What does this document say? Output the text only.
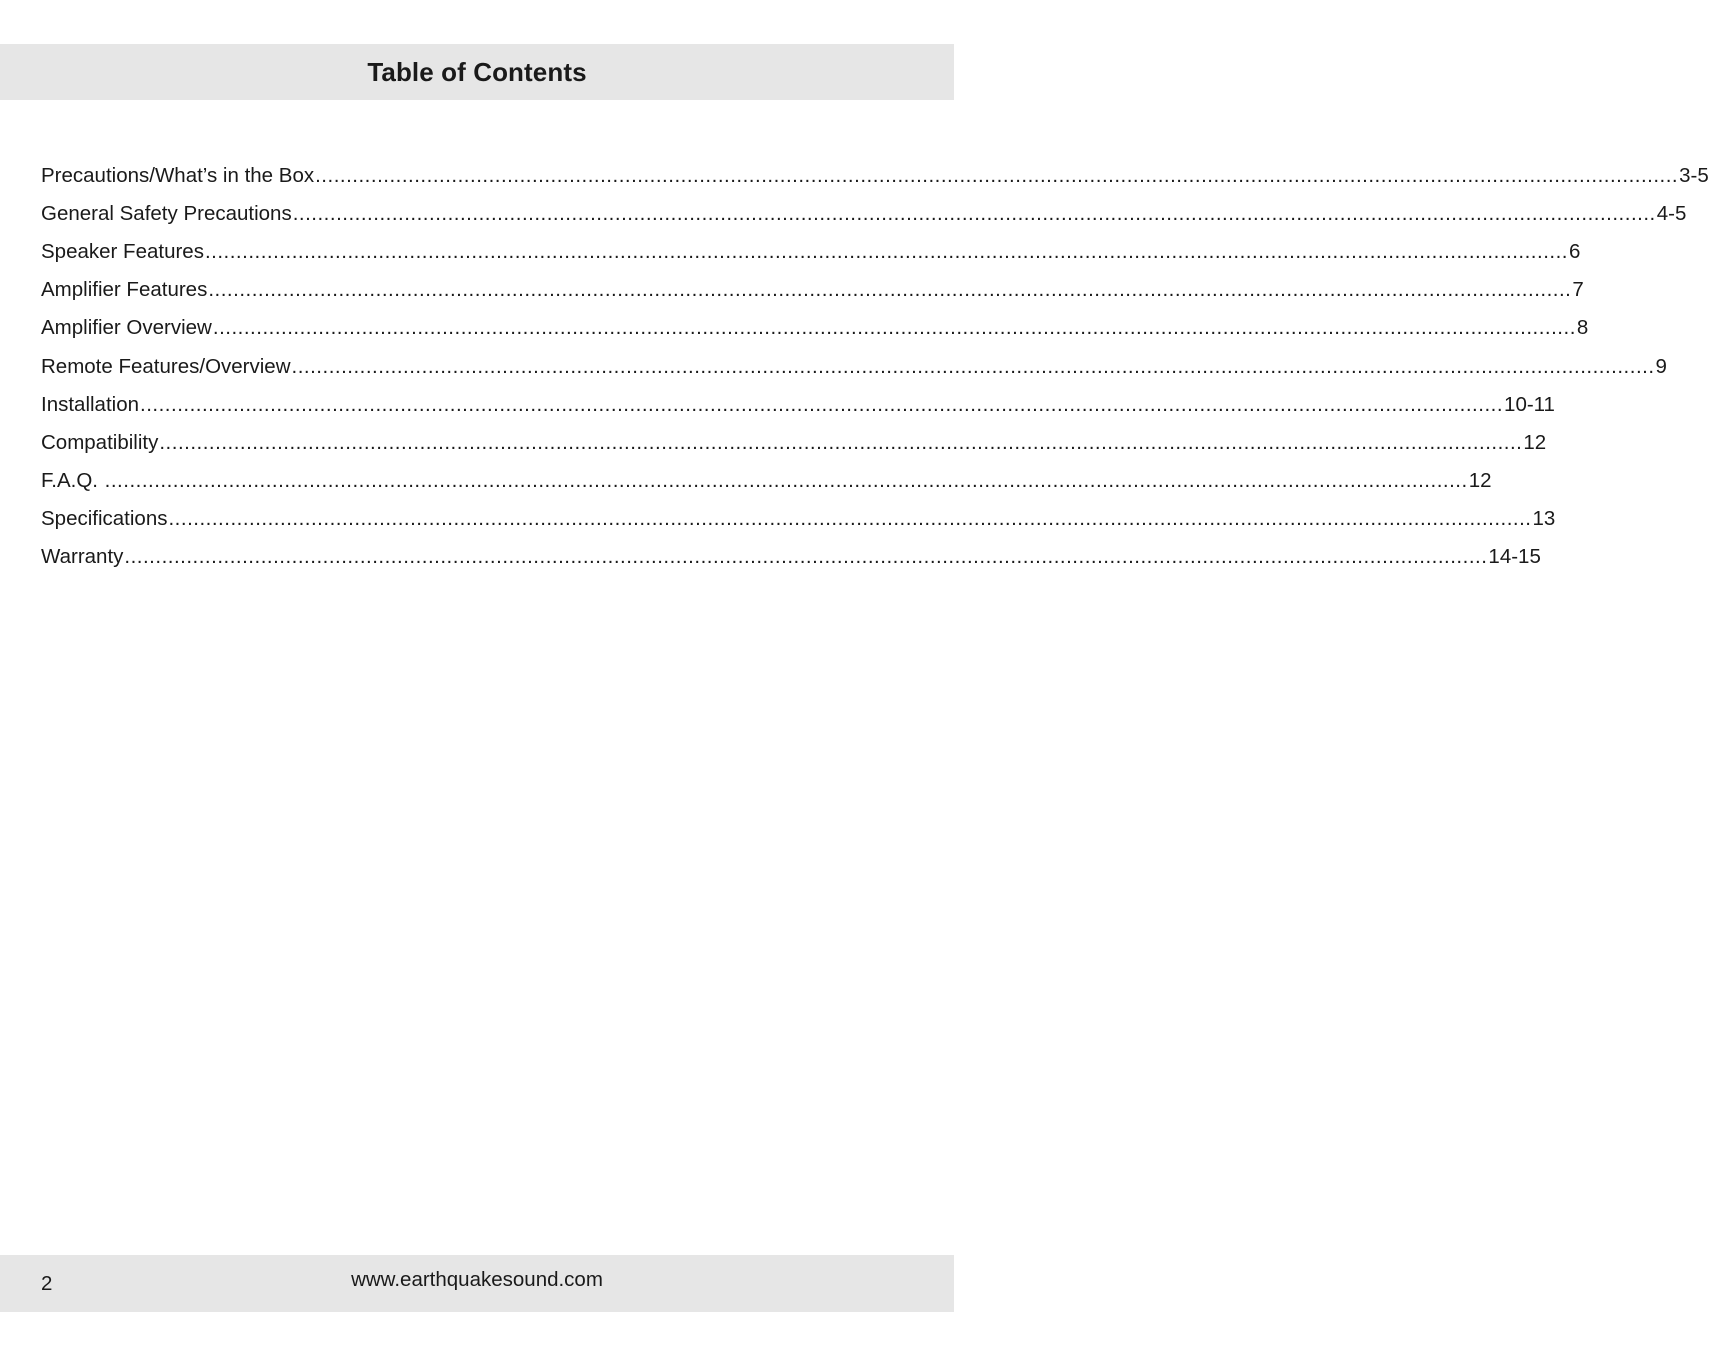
Table of Contents
Precautions/What’s in the Box ............................................................................................................................................................................................................................ 3-5
General Safety Precautions ............................................................................................................................................................................................................................ 4-5
Speaker Features ............................................................................................................................................................................................................................ 6
Amplifier Features ............................................................................................................................................................................................................................ 7
Amplifier Overview ............................................................................................................................................................................................................................ 8
Remote Features/Overview ............................................................................................................................................................................................................................ 9
Installation ............................................................................................................................................................................................................................ 10-11
Compatibility ............................................................................................................................................................................................................................ 12
F.A.Q. ............................................................................................................................................................................................................................ 12
Specifications ............................................................................................................................................................................................................................ 13
Warranty ............................................................................................................................................................................................................................ 14-15
2	www.earthquakesound.com
